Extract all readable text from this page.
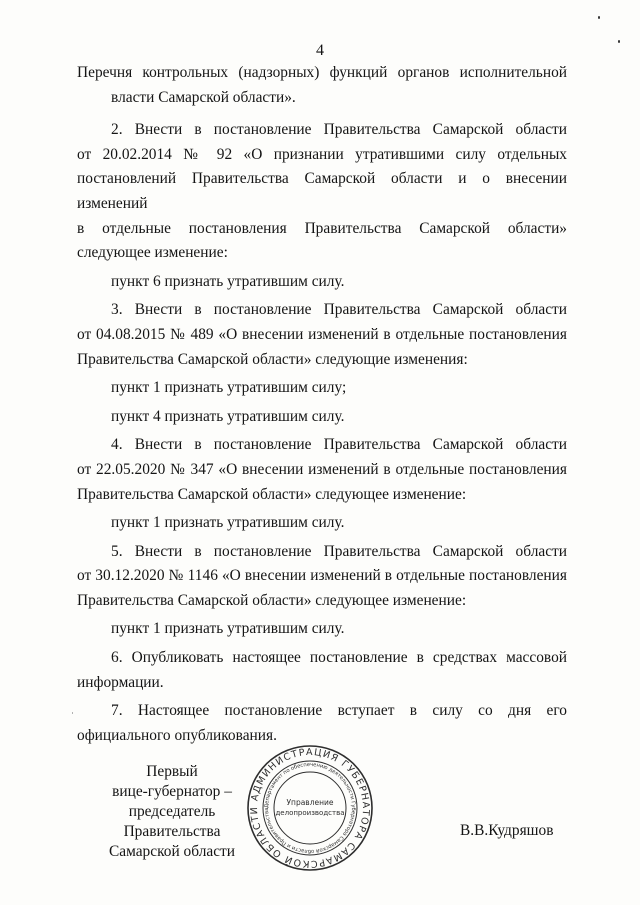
4

Перечня контрольных (надзорных) функций органов исполнительной

власти Самарской области».

2. Внести в постановление Правительства Самарской области

от 20.02.2014 № 92 «О признании утратившими силу отдельных

постановлений Правительства Самарской области и о внесении изменений

в отдельные постановления Правительства Самарской области»

следующее изменение:

пункт 6 признать утратившим силу.

3. Внести в постановление Правительства Самарской области

от 04.08.2015 № 489 «О внесении изменений в отдельные постановления

Правительства Самарской области» следующие изменения:

пункт 1 признать утратившим силу;

пункт 4 признать утратившим силу.

4. Внести в постановление Правительства Самарской области

от 22.05.2020 № 347 «О внесении изменений в отдельные постановления

Правительства Самарской области» следующее изменение:

пункт 1 признать утратившим силу.

5. Внести в постановление Правительства Самарской области

от 30.12.2020 № 1146 «О внесении изменений в отдельные постановления

Правительства Самарской области» следующее изменение:

пункт 1 признать утратившим силу.

6. Опубликовать настоящее постановление в средствах массовой

информации.

7. Настоящее постановление вступает в силу со дня его

официального опубликования.

Первый
вице-губернатор –
председатель Правительства
Самарской области
АДМИНИСТРАЦИЯ ГУБЕРНАТОРА САМАРСКОЙ ОБЛАСТИ Департамент по обеспечению деятельности Губернатора Самарской области и Правительства
Управление
делопроизводства
В.В.Кудряшов
